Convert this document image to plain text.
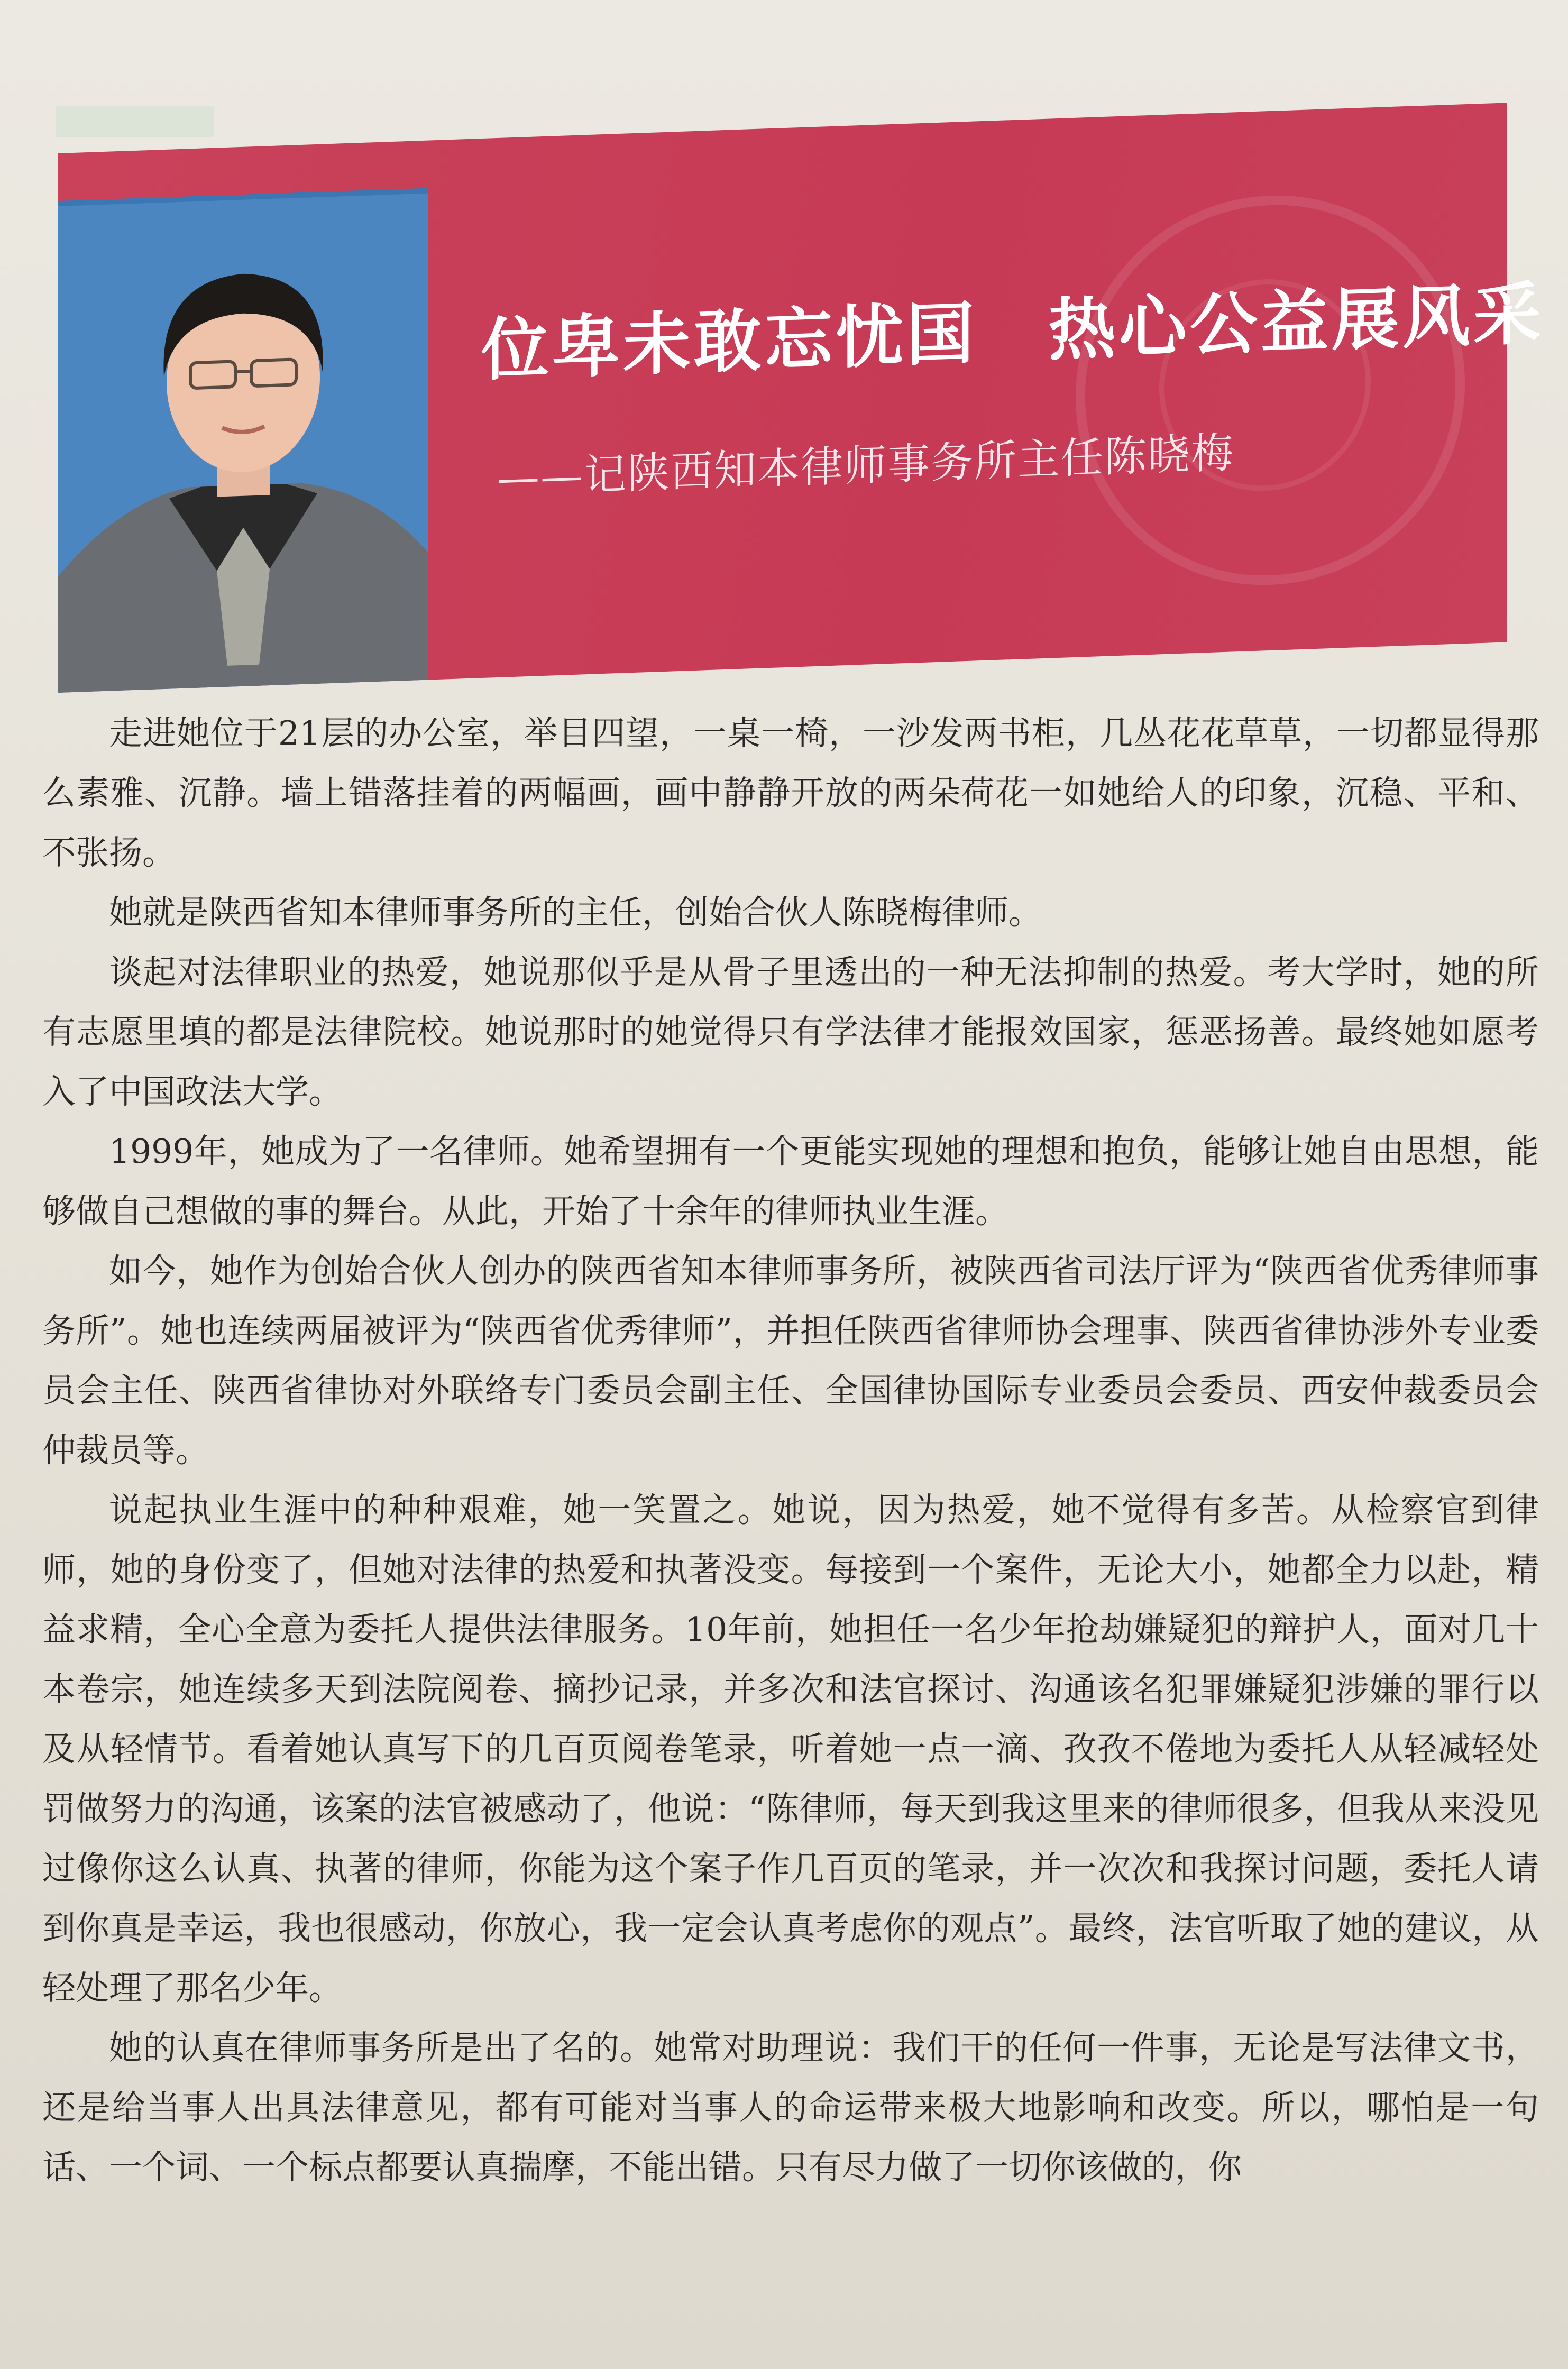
位卑未敢忘忧国　热心公益展风采
——记陕西知本律师事务所主任陈晓梅

走进她位于21层的办公室，举目四望，一桌一椅，一沙发两书柜，几丛花花草草，一切都显得那么素雅、沉静。墙上错落挂着的两幅画，画中静静开放的两朵荷花一如她给人的印象，沉稳、平和、不张扬。

她就是陕西省知本律师事务所的主任，创始合伙人陈晓梅律师。

谈起对法律职业的热爱，她说那似乎是从骨子里透出的一种无法抑制的热爱。考大学时，她的所有志愿里填的都是法律院校。她说那时的她觉得只有学法律才能报效国家，惩恶扬善。最终她如愿考入了中国政法大学。

1999年，她成为了一名律师。她希望拥有一个更能实现她的理想和抱负，能够让她自由思想，能够做自己想做的事的舞台。从此，开始了十余年的律师执业生涯。

如今，她作为创始合伙人创办的陕西省知本律师事务所，被陕西省司法厅评为“陕西省优秀律师事务所”。她也连续两届被评为“陕西省优秀律师”，并担任陕西省律师协会理事、陕西省律协涉外专业委员会主任、陕西省律协对外联络专门委员会副主任、全国律协国际专业委员会委员、西安仲裁委员会仲裁员等。

说起执业生涯中的种种艰难，她一笑置之。她说，因为热爱，她不觉得有多苦。从检察官到律师，她的身份变了，但她对法律的热爱和执著没变。每接到一个案件，无论大小，她都全力以赴，精益求精，全心全意为委托人提供法律服务。10年前，她担任一名少年抢劫嫌疑犯的辩护人，面对几十本卷宗，她连续多天到法院阅卷、摘抄记录，并多次和法官探讨、沟通该名犯罪嫌疑犯涉嫌的罪行以及从轻情节。看着她认真写下的几百页阅卷笔录，听着她一点一滴、孜孜不倦地为委托人从轻减轻处罚做努力的沟通，该案的法官被感动了，他说：“陈律师，每天到我这里来的律师很多，但我从来没见过像你这么认真、执著的律师，你能为这个案子作几百页的笔录，并一次次和我探讨问题，委托人请到你真是幸运，我也很感动，你放心，我一定会认真考虑你的观点”。最终，法官听取了她的建议，从轻处理了那名少年。

她的认真在律师事务所是出了名的。她常对助理说：我们干的任何一件事，无论是写法律文书，还是给当事人出具法律意见，都有可能对当事人的命运带来极大地影响和改变。所以，哪怕是一句话、一个词、一个标点都要认真揣摩，不能出错。只有尽力做了一切你该做的，你
